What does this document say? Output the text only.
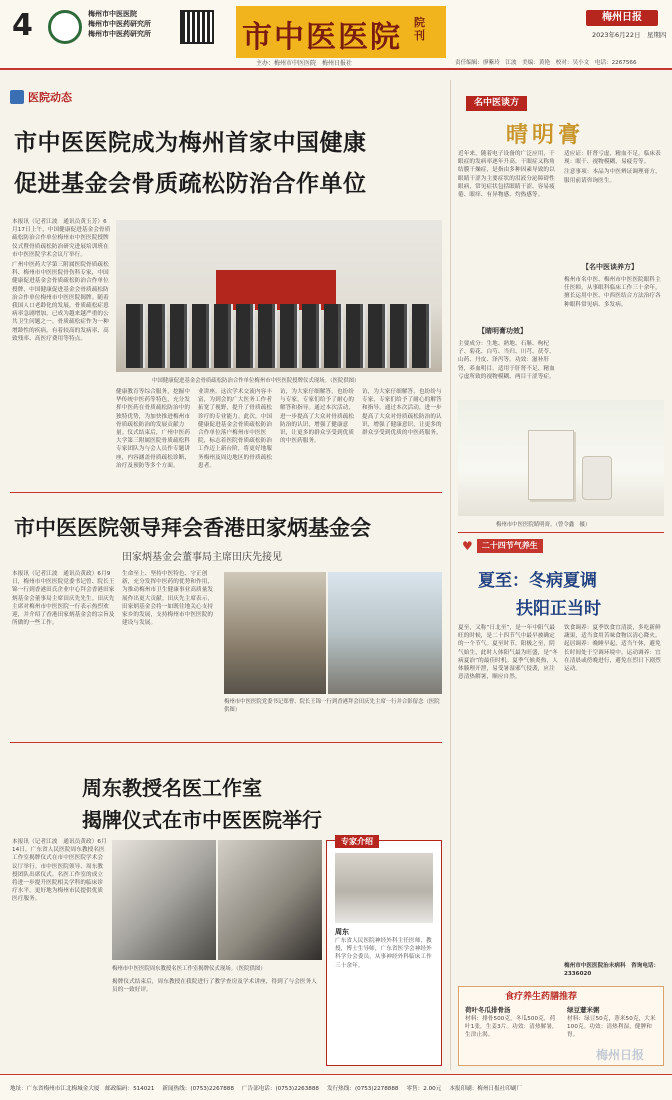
4	梅州市中医医院
梅州市中医药研究所
梅州市中医药研究所	市中医医院 院刊
主办：梅州市中医医院　梅州日报社
梅州日报
2023年6月22日　星期四
责任编辑：廖紫玲　江波　美编：黄艳　校对：吴小文　电话：2267566
医院动态
市中医医院成为梅州首家中国健康
促进基金会骨质疏松防治合作单位

本报讯（记者江波　通讯员黄玉芳）6月17日上午，中国健康促进基金会骨质疏松防治合作单位梅州市中医医院授牌仪式暨骨质疏松防治研究进展培训班在市中医医院学术会议厅举行。

广州中医药大学第三附属医院骨质疏松科、梅州市中医医院骨伤科专家，中国健康促进基金会骨质疏松防治合作单位授牌，中国健康促进基金会骨质疏松防治合作单位梅州市中医医院揭牌。随着我国人口老龄化的发展，骨质疏松症患病率急剧增加，已成为越来越严重的公共卫生问题之一。骨质疏松症作为一种增龄性的疾病，有着较高的发病率、高致残率、高医疗费用等特点。

中国健康促进基金会骨质疏松防治合作单位梅州市中医医院授牌仪式现场。（医院供图）
健康教育等综合服务，挖掘中华传统中医药等特色，充分发挥中医药在骨质疏松防治中的独特优势，为加快推进梅州市骨质疏松防治的发展贡献力量。仪式结束后，广州中医药大学第三附属医院骨质疏松科专家团队为与会人员作专题讲座，内容涵盖骨质疏松诊断、治疗及预防等多个方面。
业讲座。这次学术交流内容丰富，为到会的广大医务工作者拓宽了视野，提升了骨质疏松诊疗的专业能力。此次，中国健康促进基金会骨质疏松防治合作单位落户梅州市中医医院，标志着医院骨质疏松防治工作迈上新台阶，将更好地服务梅州及周边地区的骨质疏松患者。
访，为大家仔细解答，也纷纷与专家，专家们给予了耐心的解答和指导。通过本次活动，进一步提高了大众对骨质疏松防治的认识，增强了健康意识，让更多的群众享受到优质的中医药服务。
访，为大家仔细解答，也纷纷与专家，专家们给予了耐心的解答和指导。通过本次活动，进一步提高了大众对骨质疏松防治的认识，增强了健康意识，让更多的群众享受到优质的中医药服务。
市中医医院领导拜会香港田家炳基金会
田家炳基金会董事局主席田庆先接见
本报讯（记者江波　通讯员黄政）6月9日，梅州市中医医院党委书记曾、院长王锦一行到香港田氏企业中心拜会香港田家炳基金会董事局主席田庆先先生。田庆先主席对梅州市中医医院一行表示热烈欢迎，并介绍了香港田家炳基金会的宗旨及所做的一些工作。
生命至上、坚持中医特色、守正创新，充分发挥中医药的优势和作用，为推动梅州市卫生健康事业高质量发展作出更大贡献。田庆先主席表示，田家炳基金会将一如既往地关心支持家乡的发展，支持梅州市中医医院的建设与发展。
梅州市中医医院党委书记郑曹、院长王锦一行到香港拜会田庆先主席一行并合影留念（医院供图）
周东教授名医工作室
揭牌仪式在市中医医院举行
本报讯（记者江波　通讯员黄政）6月14日，广东省人民医院周东教授名医工作室揭牌仪式在市中医医院学术会议厅举行。市中医医院领导、周东教授团队出席仪式。名医工作室的成立将进一步提升医院相关学科的临床诊疗水平，更好地为梅州市民提供优质医疗服务。
专家介绍
周东
广东省人民医院神经外科主任医师，教授，博士生导师，广东省医学会神经外科学分会委员，从事神经外科临床工作三十余年。
梅州市中医医院周东教授名医工作室揭牌仪式现场。（医院供图）
揭牌仪式结束后，周东教授在我院进行了教学查房及学术讲座，得到了与会医务人员的一致好评。
名中医谈方
晴明膏
近年来，随着电子设备的广泛应用，干眼症的发病率逐年升高。干眼症又称角结膜干燥症，是指由多种因素导致的以眼睛干涩为主要症状的泪液分泌障碍性眼病，常见症状包括眼睛干涩、容易疲倦、眼痒、有异物感、灼热感等。

适应证：肝肾亏虚，精血不足。临床表现：眼干、视物模糊，易疲劳等。

注意事项：本品为中医辨证调理膏方，服用前请咨询医生。

【名中医谈养方】
梅州市名中医、梅州市中医医院眼科主任医师，从事眼科临床工作三十余年，擅长运用中医、中西医结合方法治疗各种眼科常见病、多发病。
【睛明膏功效】
主要成分：生地、熟地、石斛、枸杞子、菊花、白芍、当归、川芎、茯苓、山药、丹皮、泽泻等。功效：滋补肝肾，养血明目。适用于肝肾不足、精血亏虚所致的视物模糊、两目干涩等症。
梅州市中医医院睛明膏。（曾令鑫　摄）
♥	二十四节气养生
夏至：冬病夏调
扶阳正当时
夏至，又称“日北至”，是一年中阳气最旺的时候，是二十四节气中最早被确定的一个节气。夏至时节，阳极之至，阴气始生，此时人体阳气最为旺盛，是“冬病夏治”的最佳时机。夏季气候炎热，人体腠理开泄，易受暑湿邪气侵袭，应注意清热解暑，顺应自然。
饮食调养：夏季饮食宜清淡，多吃新鲜蔬果，适当食用苦味食物以清心降火。起居调养：晚睡早起，适当午休，避免长时间处于空调环境中。运动调养：宜在清晨或傍晚进行，避免在烈日下剧烈运动。
梅州市中医医院治未病科　咨询电话：2336020
食疗养生药膳推荐
荷叶冬瓜排骨汤
材料：排骨500克，冬瓜500克，荷叶1张，生姜3片。功效：清热解暑，生津止渴。
绿豆薏米粥
材料：绿豆50克，薏米50克，大米100克。功效：清热利湿，健脾和胃。
地址：广东省梅州市江北梅城金大厦　邮政编码：514021 新闻热线：(0753)2267888 广告部电话：(0753)2263888 发行热线：(0753)2278888 零售：2.00元 本报印刷：梅州日报社印刷厂
梅州日报
